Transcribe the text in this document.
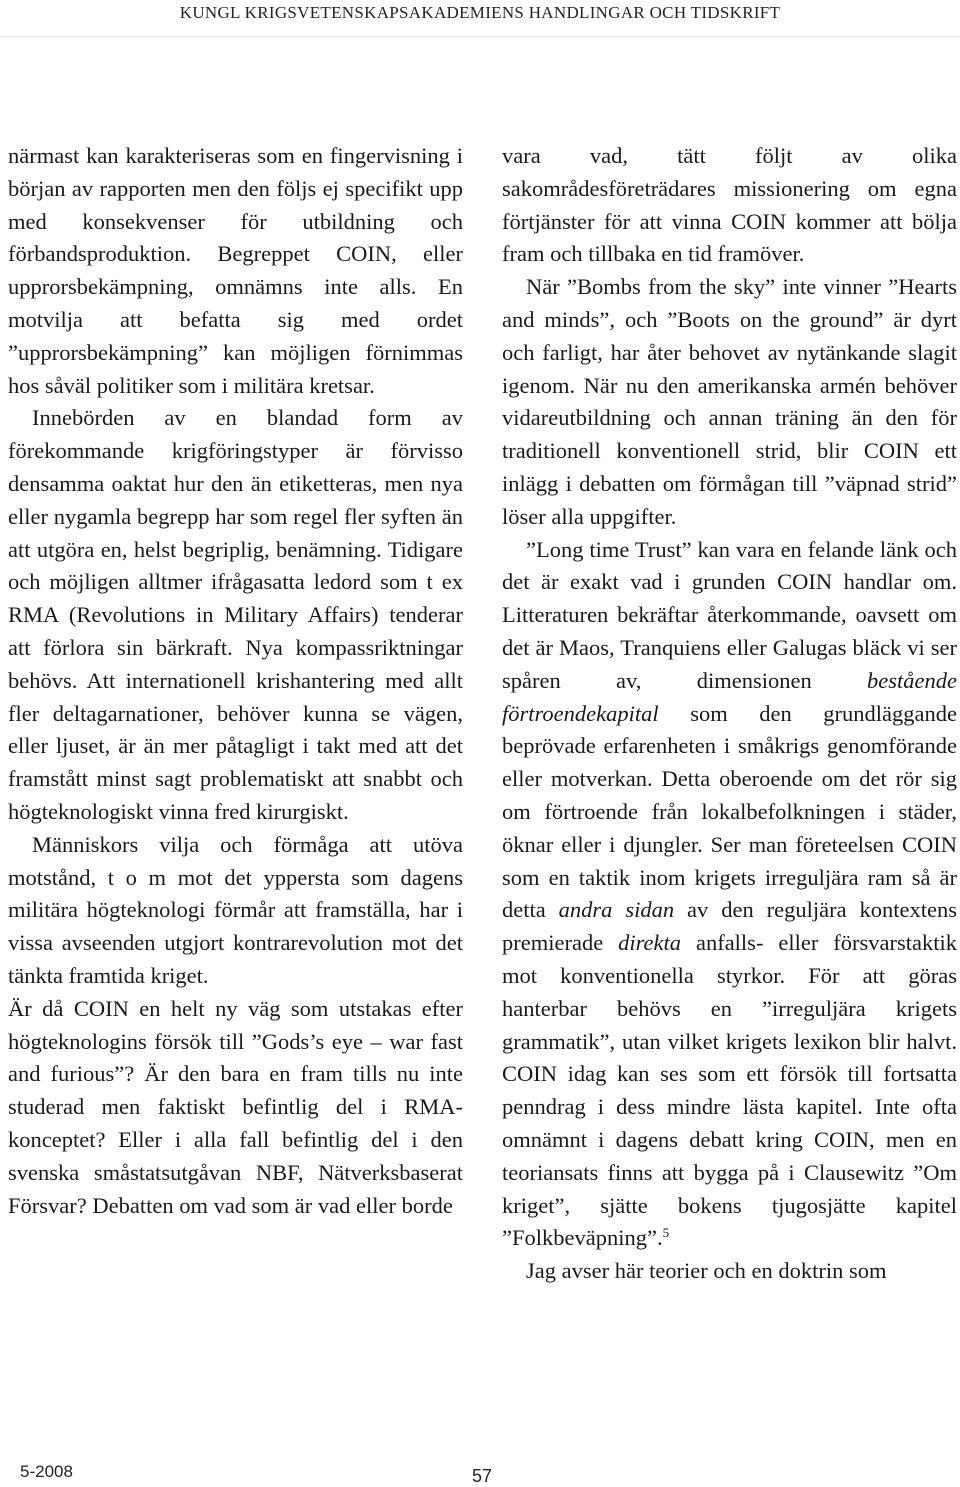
KUNGL KRIGSVETENSKAPSAKADEMIENS HANDLINGAR OCH TIDSKRIFT

närmast kan karakteriseras som en fingervisning i början av rapporten men den följs ej specifikt upp med konsekvenser för utbildning och förbandsproduktion. Begreppet COIN, eller upprorsbekämpning, omnämns inte alls. En motvilja att befatta sig med ordet ”upprorsbekämpning” kan möjligen förnimmas hos såväl politiker som i militära kretsar.

Innebörden av en blandad form av förekommande krigföringstyper är förvisso densamma oaktat hur den än etiketteras, men nya eller nygamla begrepp har som regel fler syften än att utgöra en, helst begriplig, benämning. Tidigare och möjligen alltmer ifrågasatta ledord som t ex RMA (Revolutions in Military Affairs) tenderar att förlora sin bärkraft. Nya kompassriktningar behövs. Att internationell krishantering med allt fler deltagarnationer, behöver kunna se vägen, eller ljuset, är än mer påtagligt i takt med att det framstått minst sagt problematiskt att snabbt och högteknologiskt vinna fred kirurgiskt.

Människors vilja och förmåga att utöva motstånd, t o m mot det yppersta som dagens militära högteknologi förmår att framställa, har i vissa avseenden utgjort kontrarevolution mot det tänkta framtida kriget.

Är då COIN en helt ny väg som utstakas efter högteknologins försök till ”Gods’s eye – war fast and furious”? Är den bara en fram tills nu inte studerad men faktiskt befintlig del i RMA-konceptet? Eller i alla fall befintlig del i den svenska småstatsutgåvan NBF, Nätverksbaserat Försvar? Debatten om vad som är vad eller borde

vara vad, tätt följt av olika sakområdesföreträdares missionering om egna förtjänster för att vinna COIN kommer att bölja fram och tillbaka en tid framöver.

När ”Bombs from the sky” inte vinner ”Hearts and minds”, och ”Boots on the ground” är dyrt och farligt, har åter behovet av nytänkande slagit igenom. När nu den amerikanska armén behöver vidareutbildning och annan träning än den för traditionell konventionell strid, blir COIN ett inlägg i debatten om förmågan till ”väpnad strid” löser alla uppgifter.

”Long time Trust” kan vara en felande länk och det är exakt vad i grunden COIN handlar om. Litteraturen bekräftar återkommande, oavsett om det är Maos, Tranquiens eller Galugas bläck vi ser spåren av, dimensionen bestående förtroendekapital som den grundläggande beprövade erfarenheten i småkrigs genomförande eller motverkan. Detta oberoende om det rör sig om förtroende från lokalbefolkningen i städer, öknar eller i djungler. Ser man företeelsen COIN som en taktik inom krigets irreguljära ram så är detta andra sidan av den reguljära kontextens premierade direkta anfalls- eller försvarstaktik mot konventionella styrkor. För att göras hanterbar behövs en ”irreguljära krigets grammatik”, utan vilket krigets lexikon blir halvt. COIN idag kan ses som ett försök till fortsatta penndrag i dess mindre lästa kapitel. Inte ofta omnämnt i dagens debatt kring COIN, men en teoriansats finns att bygga på i Clausewitz ”Om kriget”, sjätte bokens tjugosjätte kapitel ”Folkbeväpning”.$^5$

Jag avser här teorier och en doktrin som

5-2008	57
